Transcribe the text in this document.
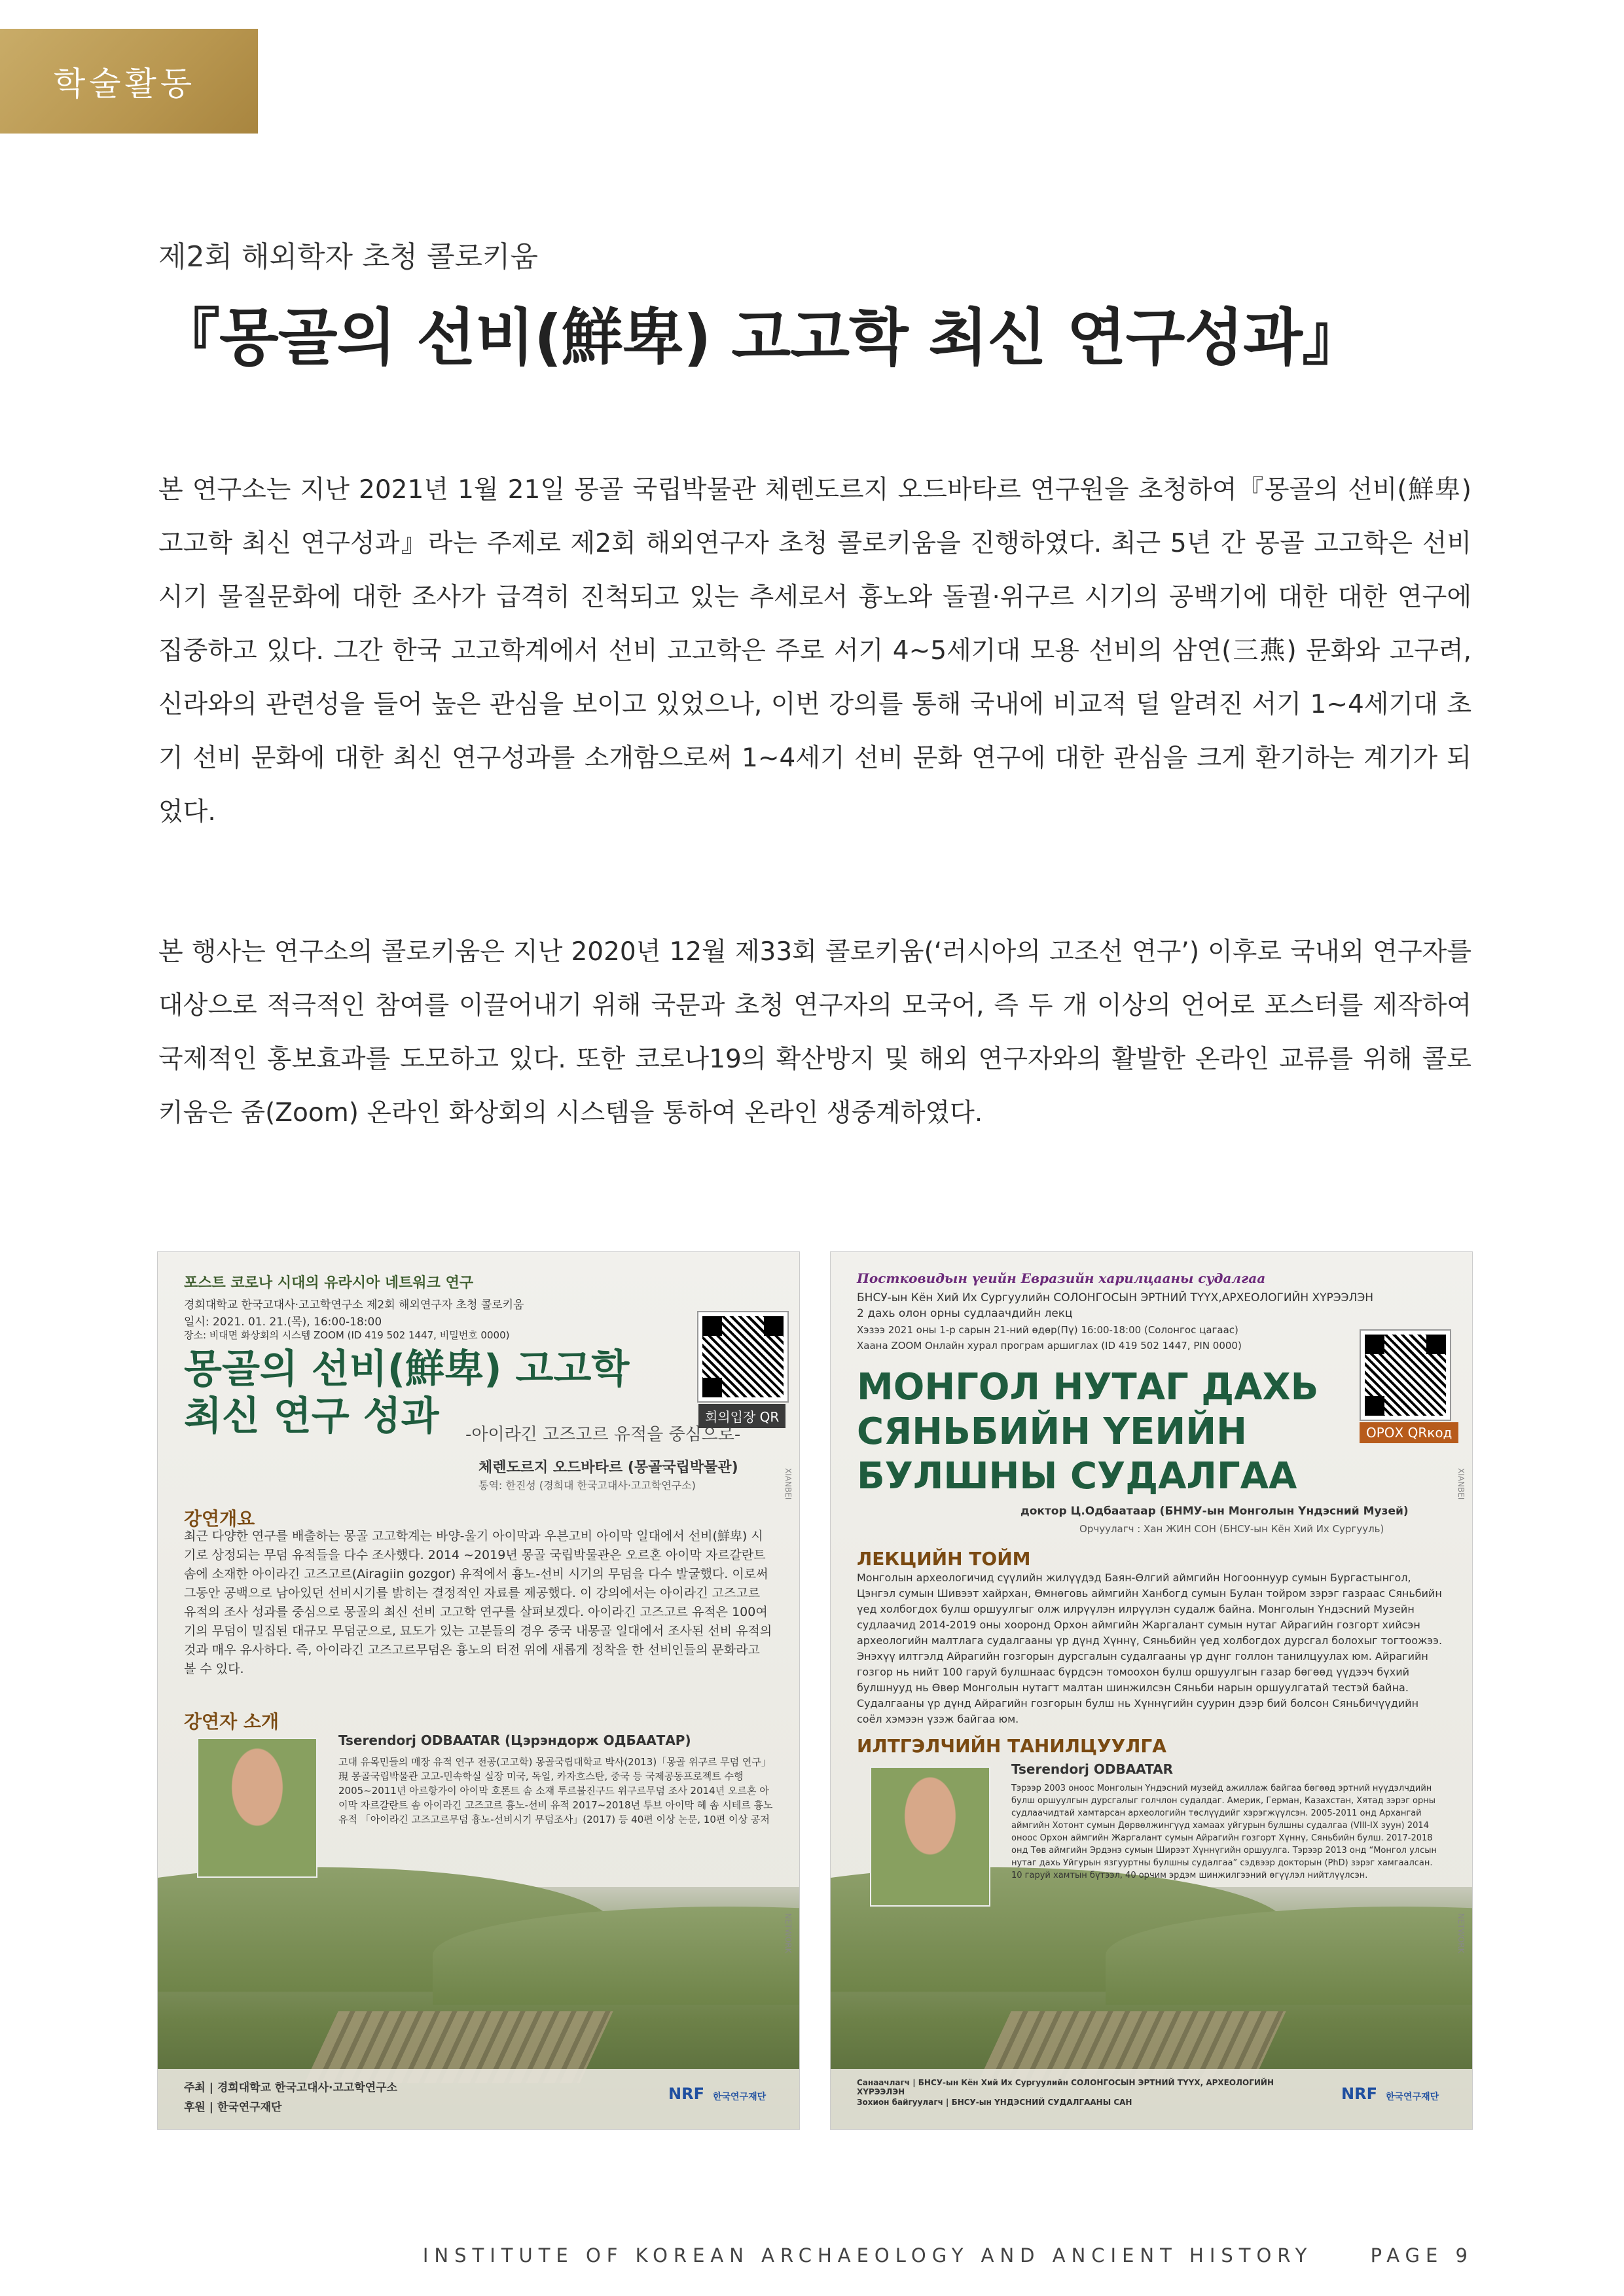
학술활동
제2회 해외학자 초청 콜로키움
『몽골의 선비(鮮卑) 고고학 최신 연구성과』

본 연구소는 지난 2021년 1월 21일 몽골 국립박물관 체렌도르지 오드바타르 연구원을 초청하여『몽골의 선비(鮮卑) 고고학 최신 연구성과』라는 주제로 제2회 해외연구자 초청 콜로키움을 진행하였다. 최근 5년 간 몽골 고고학은 선비 시기 물질문화에 대한 조사가 급격히 진척되고 있는 추세로서 흉노와 돌궐·위구르 시기의 공백기에 대한 대한 연구에 집중하고 있다. 그간 한국 고고학계에서 선비 고고학은 주로 서기 4~5세기대 모용 선비의 삼연(三燕) 문화와 고구려, 신라와의 관련성을 들어 높은 관심을 보이고 있었으나, 이번 강의를 통해 국내에 비교적 덜 알려진 서기 1~4세기대 초기 선비 문화에 대한 최신 연구성과를 소개함으로써 1~4세기 선비 문화 연구에 대한 관심을 크게 환기하는 계기가 되었다.

본 행사는 연구소의 콜로키움은 지난 2020년 12월 제33회 콜로키움(‘러시아의 고조선 연구’) 이후로 국내외 연구자를 대상으로 적극적인 참여를 이끌어내기 위해 국문과 초청 연구자의 모국어, 즉 두 개 이상의 언어로 포스터를 제작하여 국제적인 홍보효과를 도모하고 있다. 또한 코로나19의 확산방지 및 해외 연구자와의 활발한 온라인 교류를 위해 콜로키움은 줌(Zoom) 온라인 화상회의 시스템을 통하여 온라인 생중계하였다.

포스트 코로나 시대의 유라시아 네트워크 연구
경희대학교 한국고대사·고고학연구소 제2회 해외연구자 초청 콜로키움
일시: 2021. 01. 21.(목), 16:00-18:00
장소: 비대면 화상회의 시스템 ZOOM (ID 419 502 1447, 비밀번호 0000)
회의입장 QR
몽골의 선비(鮮卑) 고고학
최신 연구 성과 -아이라긴 고즈고르 유적을 중심으로-
체렌도르지 오드바타르 (몽골국립박물관)
통역: 한진성 (경희대 한국고대사·고고학연구소)
강연개요
최근 다양한 연구를 배출하는 몽골 고고학계는 바양-울기 아이막과 우븐고비 아이막 일대에서 선비(鮮卑) 시기로 상정되는 무덤 유적들을 다수 조사했다. 2014 ~2019년 몽골 국립박물관은 오르혼 아이막 자르갈란트 솜에 소재한 아이라긴 고즈고르(Airagiin gozgor) 유적에서 흉노-선비 시기의 무덤을 다수 발굴했다. 이로써 그동안 공백으로 남아있던 선비시기를 밝히는 결정적인 자료를 제공했다. 이 강의에서는 아이라긴 고즈고르 유적의 조사 성과를 중심으로 몽골의 최신 선비 고고학 연구를 살펴보겠다. 아이라긴 고즈고르 유적은 100여 기의 무덤이 밀집된 대규모 무덤군으로, 묘도가 있는 고분들의 경우 중국 내몽골 일대에서 조사된 선비 유적의 것과 매우 유사하다. 즉, 아이라긴 고즈고르무덤은 흉노의 터전 위에 새롭게 정착을 한 선비인들의 문화라고 볼 수 있다.
강연자 소개
Tserendorj ODBAATAR (Цэрэндорж ОДБААТАР)
고대 유목민들의 매장 유적 연구 전공(고고학) 몽골국립대학교 박사(2013)「몽골 위구르 무덤 연구」 現 몽골국립박물관 고고-민속학실 실장 미국, 독일, 카자흐스탄, 중국 등 국제공동프로젝트 수행 2005~2011년 아르항가이 아이막 호톤트 솜 소재 투르불진구드 위구르무덤 조사 2014년 오르혼 아이막 자르갈란트 솜 아이라긴 고즈고르 흉노-선비 유적 2017~2018년 투브 아이막 헤 솜 시테르 흉노 유적 「아이라긴 고즈고르무덤 흉노-선비시기 무덤조사」(2017) 등 40편 이상 논문, 10편 이상 공저
XIANBEI
NETWORK
주최 | 경희대학교 한국고대사·고고학연구소
후원 | 한국연구재단
NRF 한국연구재단
Постковидын үеийн Евразийн харилцааны судалгаа
БНСУ-ын Кён Хий Их Сургуулийн СОЛОНГОСЫН ЭРТНИЙ ТҮҮХ,АРХЕОЛОГИЙН ХҮРЭЭЛЭН
2 дахь олон орны судлаачдийн лекц
Хэзээ 2021 оны 1-р сарын 21-ний өдөр(Пү) 16:00-18:00 (Солонгос цагаас)
Хаана ZOOM Онлайн хурал програм аршиглах (ID 419 502 1447, PIN 0000)
ОРОХ QRкод
МОНГОЛ НУТАГ ДАХЬ
СЯНЬБИЙН ҮЕИЙН
БУЛШНЫ СУДАЛГАА
доктор Ц.Одбаатаар (БНМУ-ын Монголын Үндэсний Музей)
Орчуулагч : Хан ЖИН СОН (БНСУ-ын Кён Хий Их Сургууль)
ЛЕКЦИЙН ТОЙМ
Монголын археологичид сүүлийн жилүүдэд Баян-Өлгий аймгийн Ногооннуур сумын Бургастынгол, Цэнгэл сумын Шивээт хайрхан, Өмнөговь аймгийн Ханбогд сумын Булан тойром зэрэг газраас Сяньбийн үед холбогдох булш оршуулгыг олж илрүүлэн илрүүлэн судалж байна. Монголын Үндэсний Музейн судлаачид 2014-2019 оны хооронд Орхон аймгийн Жаргалант сумын нутаг Айрагийн гозгорт хийсэн археологийн малтлага судалгааны үр дүнд Хүннү, Сяньбийн үед холбогдох дурсгал болохыг тогтоожээ. Энэхүү илтгэлд Айрагийн гозгорын дурсгалын судалгааны үр дүнг голлон танилцуулах юм. Айрагийн гозгор нь нийт 100 гаруй булшнаас бүрдсэн томоохон булш оршуулгын газар бөгөөд үүдээч бүхий булшнууд нь Өвөр Монголын нутагт малтан шинжилсэн Сяньби нарын оршуулгатай тестэй байна. Судалгааны үр дүнд Айрагийн гозгорын булш нь Хүннүгийн суурин дээр бий болсон Сяньбичүүдийн соёл хэмээн үзэж байгаа юм.
ИЛТГЭЛЧИЙН ТАНИЛЦУУЛГА
Tserendorj ODBAATAR
Тэрээр 2003 оноос Монголын Үндэсний музейд ажиллаж байгаа бөгөөд эртний нүүдэлчдийн булш оршуулгын дурсгалыг голчлон судалдаг. Америк, Герман, Казахстан, Хятад зэрэг орны судлаачидтай хамтарсан археологийн төслүүдийг хэрэгжүүлсэн. 2005-2011 онд Архангай аймгийн Хотонт сумын Дөрвөлжингүүд хамаах уйгурын булшны судалгаа (VIII-IX зуун) 2014 оноос Орхон аймгийн Жаргалант сумын Айрагийн гозгорт Хүннү, Сяньбийн булш. 2017-2018 онд Төв аймгийн Эрдэнэ сумын Ширээт Хүннүгийн оршуулга. Тэрээр 2013 онд “Монгол улсын нутаг дахь Уйгурын язгууртны булшны судалгаа” сэдвээр докторын (PhD) зэрэг хамгаалсан. 10 гаруй хамтын бүтээл, 40 орчим эрдэм шинжилгээний өгүүлэл нийтлүүлсэн.
XIANBEI
NETWORK
Санаачлагч | БНСУ-ын Кён Хий Их Сургуулийн СОЛОНГОСЫН ЭРТНИЙ ТҮҮХ, АРХЕОЛОГИЙН ХҮРЭЭЛЭН
Зохион байгуулагч | БНСУ-ын ҮНДЭСНИЙ СУДАЛГААНЫ САН	NRF 한국연구재단
INSTITUTE OF KOREAN ARCHAEOLOGY AND ANCIENT HISTORY	PAGE 9
